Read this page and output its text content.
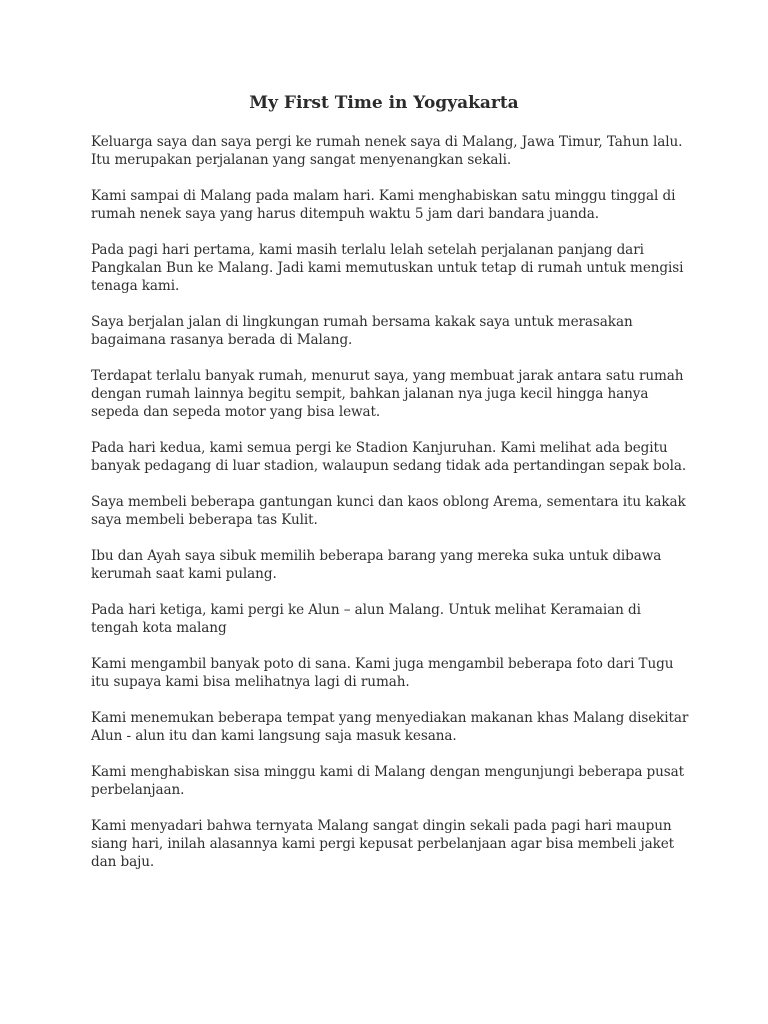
My First Time in Yogyakarta

Keluarga saya dan saya pergi ke rumah nenek saya di Malang, Jawa Timur, Tahun lalu.
Itu merupakan perjalanan yang sangat menyenangkan sekali.

Kami sampai di Malang pada malam hari. Kami menghabiskan satu minggu tinggal di
rumah nenek saya yang harus ditempuh waktu 5 jam dari bandara juanda.

Pada pagi hari pertama, kami masih terlalu lelah setelah perjalanan panjang dari
Pangkalan Bun ke Malang. Jadi kami memutuskan untuk tetap di rumah untuk mengisi
tenaga kami.

Saya berjalan jalan di lingkungan rumah bersama kakak saya untuk merasakan
bagaimana rasanya berada di Malang.

Terdapat terlalu banyak rumah, menurut saya, yang membuat jarak antara satu rumah
dengan rumah lainnya begitu sempit, bahkan jalanan nya juga kecil hingga hanya
sepeda dan sepeda motor yang bisa lewat.

Pada hari kedua, kami semua pergi ke Stadion Kanjuruhan. Kami melihat ada begitu
banyak pedagang di luar stadion, walaupun sedang tidak ada pertandingan sepak bola.

Saya membeli beberapa gantungan kunci dan kaos oblong Arema, sementara itu kakak
saya membeli beberapa tas Kulit.

Ibu dan Ayah saya sibuk memilih beberapa barang yang mereka suka untuk dibawa
kerumah saat kami pulang.

Pada hari ketiga, kami pergi ke Alun – alun Malang. Untuk melihat Keramaian di
tengah kota malang

Kami mengambil banyak poto di sana. Kami juga mengambil beberapa foto dari Tugu
itu supaya kami bisa melihatnya lagi di rumah.

Kami menemukan beberapa tempat yang menyediakan makanan khas Malang disekitar
Alun - alun itu dan kami langsung saja masuk kesana.

Kami menghabiskan sisa minggu kami di Malang dengan mengunjungi beberapa pusat
perbelanjaan.

Kami menyadari bahwa ternyata Malang sangat dingin sekali pada pagi hari maupun
siang hari, inilah alasannya kami pergi kepusat perbelanjaan agar bisa membeli jaket
dan baju.
